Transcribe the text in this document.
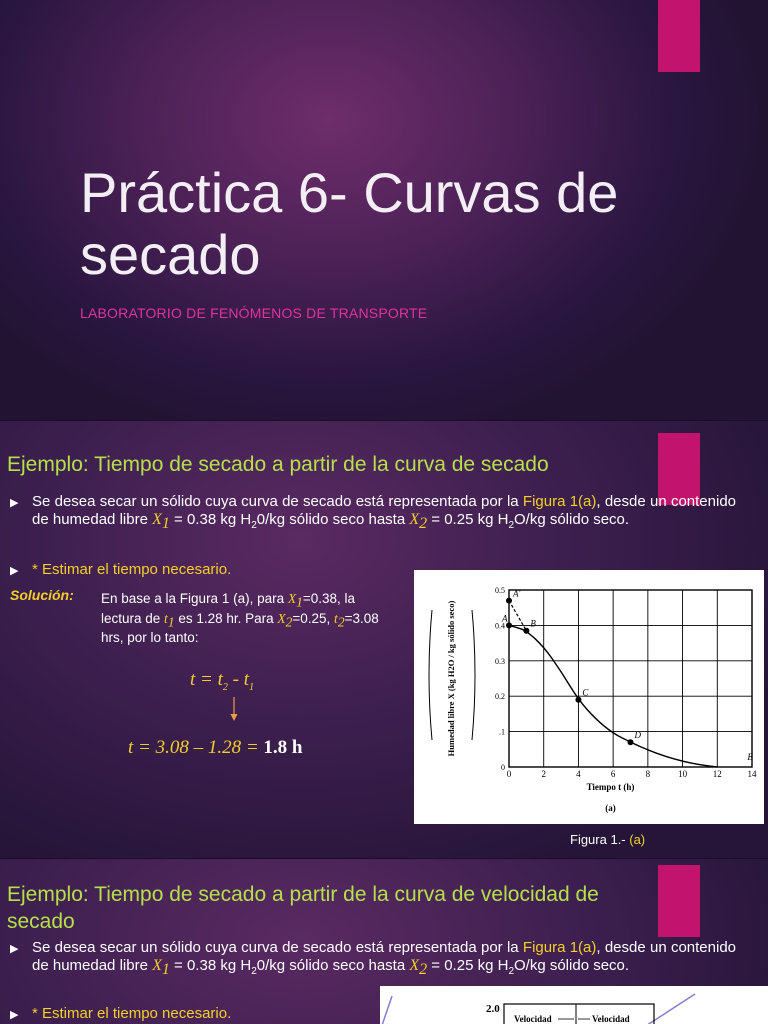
Práctica 6- Curvas de secado
LABORATORIO DE FENÓMENOS DE TRANSPORTE
Ejemplo: Tiempo de secado a partir de la curva de secado
▶ Se desea secar un sólido cuya curva de secado está representada por la Figura 1(a), desde un contenido de humedad libre $X_1 = 0.38$ kg $H_20/kg$ sólido seco hasta $X_2 = 0.25$ kg $H_2O/kg$ sólido seco.
▶ * Estimar el tiempo necesario.
Solución: En base a la Figura 1 (a), para $X_1=0.38$, la lectura de $t_1$ es 1.28 hr. Para $X_2=0.25$, $t_2=3.08$ hrs, por lo tanto:
$t = t_2 - t_1$
t = 3.08 – 1.28 = 1.8 h
0	2	4	6	8	10	12	14
0
.1
0.2
0.3
0.4
0.5
Tiempo t (h)
(a)
Humedad libre X (kg H2O / kg sólido seco)
A'
A
B
C
D
E
Figura 1.- (a)
Ejemplo: Tiempo de secado a partir de la curva de velocidad de secado
▶ Se desea secar un sólido cuya curva de secado está representada por la Figura 1(a), desde un contenido de humedad libre $X_1 = 0.38$ kg $H_20/kg$ sólido seco hasta $X_2 = 0.25$ kg $H_2O/kg$ sólido seco.
▶ * Estimar el tiempo necesario.	2.0
Velocidad	Velocidad
